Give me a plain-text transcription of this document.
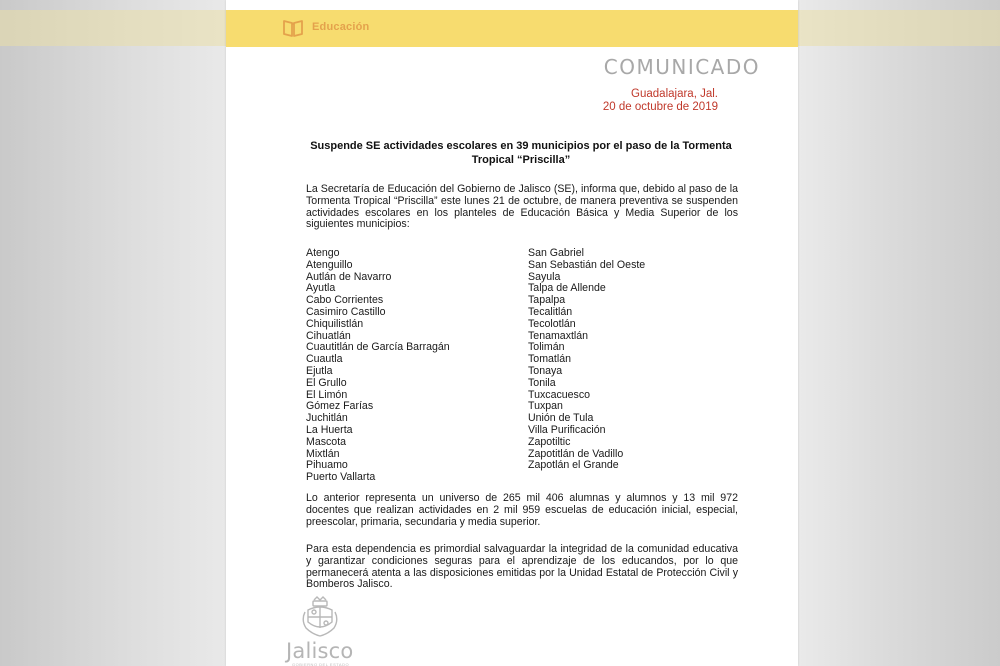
Educación
COMUNICADO
Guadalajara, Jal.
20 de octubre de 2019
Suspende SE actividades escolares en 39 municipios por el paso de la Tormenta Tropical “Priscilla”
La Secretaría de Educación del Gobierno de Jalisco (SE), informa que, debido al paso de la Tormenta Tropical “Priscilla” este lunes 21 de octubre, de manera preventiva se suspenden actividades escolares en los planteles de Educación Básica y Media Superior de los siguientes municipios:
Atengo
Atenguillo
Autlán de Navarro
Ayutla
Cabo Corrientes
Casimiro Castillo
Chiquilistlán
Cihuatlán
Cuautitlán de García Barragán
Cuautla
Ejutla
El Grullo
El Limón
Gómez Farías
Juchitlán
La Huerta
Mascota
Mixtlán
Pihuamo
Puerto Vallarta
San Gabriel
San Sebastián del Oeste
Sayula
Talpa de Allende
Tapalpa
Tecalitlán
Tecolotlán
Tenamaxtlán
Tolimán
Tomatlán
Tonaya
Tonila
Tuxcacuesco
Tuxpan
Unión de Tula
Villa Purificación
Zapotiltic
Zapotitlán de Vadillo
Zapotlán el Grande
Lo anterior representa un universo de 265 mil 406 alumnas y alumnos y 13 mil 972 docentes que realizan actividades en 2 mil 959 escuelas de educación inicial, especial, preescolar, primaria, secundaria y media superior.
Para esta dependencia es primordial salvaguardar la integridad de la comunidad educativa y garantizar condiciones seguras para el aprendizaje de los educandos, por lo que permanecerá atenta a las disposiciones emitidas por la Unidad Estatal de Protección Civil y Bomberos Jalisco.
Jalisco
GOBIERNO DEL ESTADO
